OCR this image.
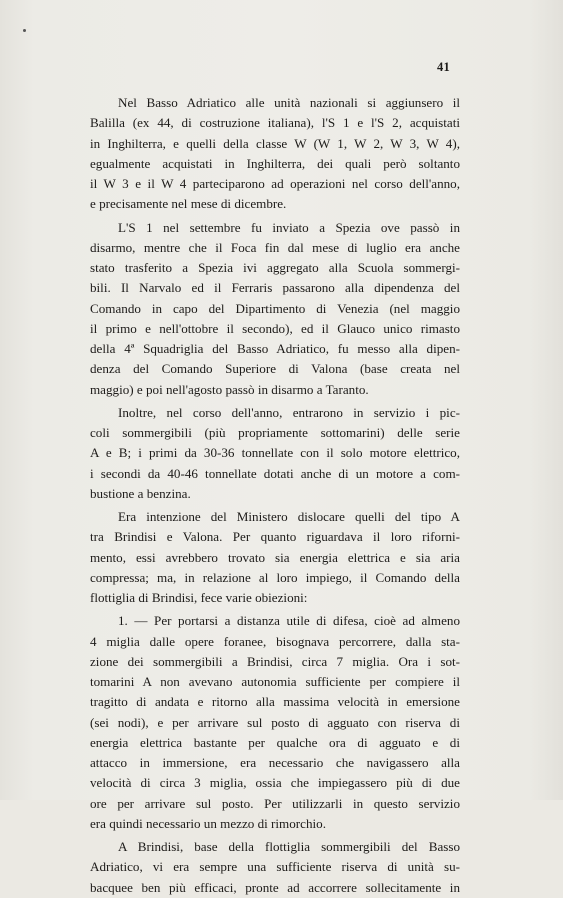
41
Nel Basso Adriatico alle unità nazionali si aggiunsero il
Balilla (ex 44, di costruzione italiana), l'S 1 e l'S 2, acquistati
in Inghilterra, e quelli della classe W (W 1, W 2, W 3, W 4),
egualmente acquistati in Inghilterra, dei quali però soltanto
il W 3 e il W 4 parteciparono ad operazioni nel corso dell'anno,
e precisamente nel mese di dicembre.
L'S 1 nel settembre fu inviato a Spezia ove passò in
disarmo, mentre che il Foca fin dal mese di luglio era anche
stato trasferito a Spezia ivi aggregato alla Scuola sommergi-
bili. Il Narvalo ed il Ferraris passarono alla dipendenza del
Comando in capo del Dipartimento di Venezia (nel maggio
il primo e nell'ottobre il secondo), ed il Glauco unico rimasto
della 4ª Squadriglia del Basso Adriatico, fu messo alla dipen-
denza del Comando Superiore di Valona (base creata nel
maggio) e poi nell'agosto passò in disarmo a Taranto.
Inoltre, nel corso dell'anno, entrarono in servizio i pic-
coli sommergibili (più propriamente sottomarini) delle serie
A e B; i primi da 30-36 tonnellate con il solo motore elettrico,
i secondi da 40-46 tonnellate dotati anche di un motore a com-
bustione a benzina.
Era intenzione del Ministero dislocare quelli del tipo A
tra Brindisi e Valona. Per quanto riguardava il loro riforni-
mento, essi avrebbero trovato sia energia elettrica e sia aria
compressa; ma, in relazione al loro impiego, il Comando della
flottiglia di Brindisi, fece varie obiezioni:
1. — Per portarsi a distanza utile di difesa, cioè ad almeno
4 miglia dalle opere foranee, bisognava percorrere, dalla sta-
zione dei sommergibili a Brindisi, circa 7 miglia. Ora i sot-
tomarini A non avevano autonomia sufficiente per compiere il
tragitto di andata e ritorno alla massima velocità in emersione
(sei nodi), e per arrivare sul posto di agguato con riserva di
energia elettrica bastante per qualche ora di agguato e di
attacco in immersione, era necessario che navigassero alla
velocità di circa 3 miglia, ossia che impiegassero più di due
ore per arrivare sul posto. Per utilizzarli in questo servizio
era quindi necessario un mezzo di rimorchio.
A Brindisi, base della flottiglia sommergibili del Basso
Adriatico, vi era sempre una sufficiente riserva di unità su-
bacquee ben più efficaci, pronte ad accorrere sollecitamente in
